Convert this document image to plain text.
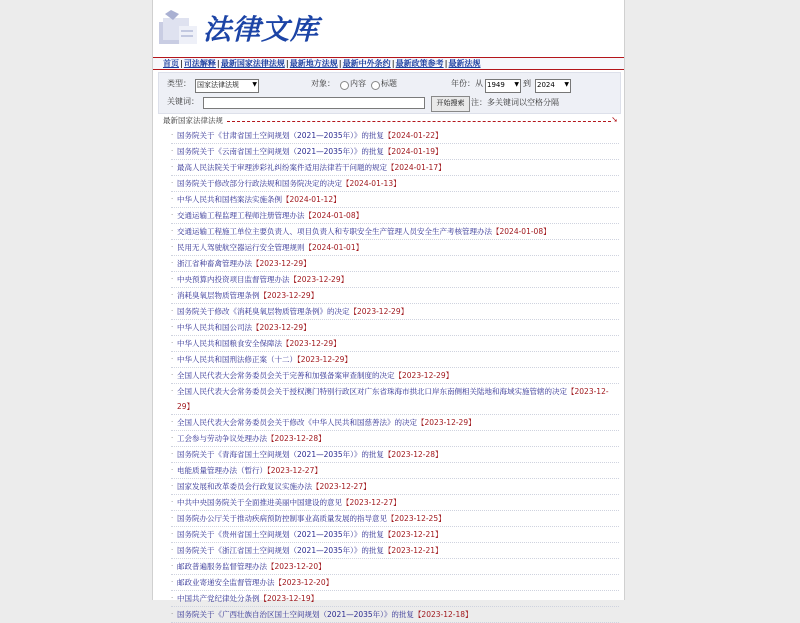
法律文库
首页|司法解释|最新国家法律法规|最新地方法规|最新中外条约|最新政策参考|最新法规
类型： 国家法律法规 ▼	对象： 内容 标题	年份：从 1949 ▼ 到 2024 ▼
关键词：	开始搜索 注：多关键词以空格分隔
最新国家法律法规	➘
· 国务院关于《甘肃省国土空间规划（2021—2035年）》的批复【2024-01-22】
· 国务院关于《云南省国土空间规划（2021—2035年）》的批复【2024-01-19】
· 最高人民法院关于审理涉彩礼纠纷案件适用法律若干问题的规定【2024-01-17】
· 国务院关于修改部分行政法规和国务院决定的决定【2024-01-13】
· 中华人民共和国档案法实施条例【2024-01-12】
· 交通运输工程监理工程师注册管理办法【2024-01-08】
· 交通运输工程施工单位主要负责人、项目负责人和专职安全生产管理人员安全生产考核管理办法【2024-01-08】
· 民用无人驾驶航空器运行安全管理规则【2024-01-01】
· 浙江省种畜禽管理办法【2023-12-29】
· 中央预算内投资项目监督管理办法【2023-12-29】
· 消耗臭氧层物质管理条例【2023-12-29】
· 国务院关于修改《消耗臭氧层物质管理条例》的决定【2023-12-29】
· 中华人民共和国公司法【2023-12-29】
· 中华人民共和国粮食安全保障法【2023-12-29】
· 中华人民共和国刑法修正案（十二）【2023-12-29】
· 全国人民代表大会常务委员会关于完善和加强备案审查制度的决定【2023-12-29】
· 全国人民代表大会常务委员会关于授权澳门特别行政区对广东省珠海市拱北口岸东南侧相关陆地和海域实施管辖的决定【2023-12-29】
· 全国人民代表大会常务委员会关于修改《中华人民共和国慈善法》的决定【2023-12-29】
· 工会参与劳动争议处理办法【2023-12-28】
· 国务院关于《青海省国土空间规划（2021—2035年）》的批复【2023-12-28】
· 电能质量管理办法（暂行）【2023-12-27】
· 国家发展和改革委员会行政复议实施办法【2023-12-27】
· 中共中央国务院关于全面推进美丽中国建设的意见【2023-12-27】
· 国务院办公厅关于推动疾病预防控制事业高质量发展的指导意见【2023-12-25】
· 国务院关于《贵州省国土空间规划（2021—2035年）》的批复【2023-12-21】
· 国务院关于《浙江省国土空间规划（2021—2035年）》的批复【2023-12-21】
· 邮政普遍服务监督管理办法【2023-12-20】
· 邮政业寄递安全监督管理办法【2023-12-20】
· 中国共产党纪律处分条例【2023-12-19】
· 国务院关于《广西壮族自治区国土空间规划（2021—2035年）》的批复【2023-12-18】
